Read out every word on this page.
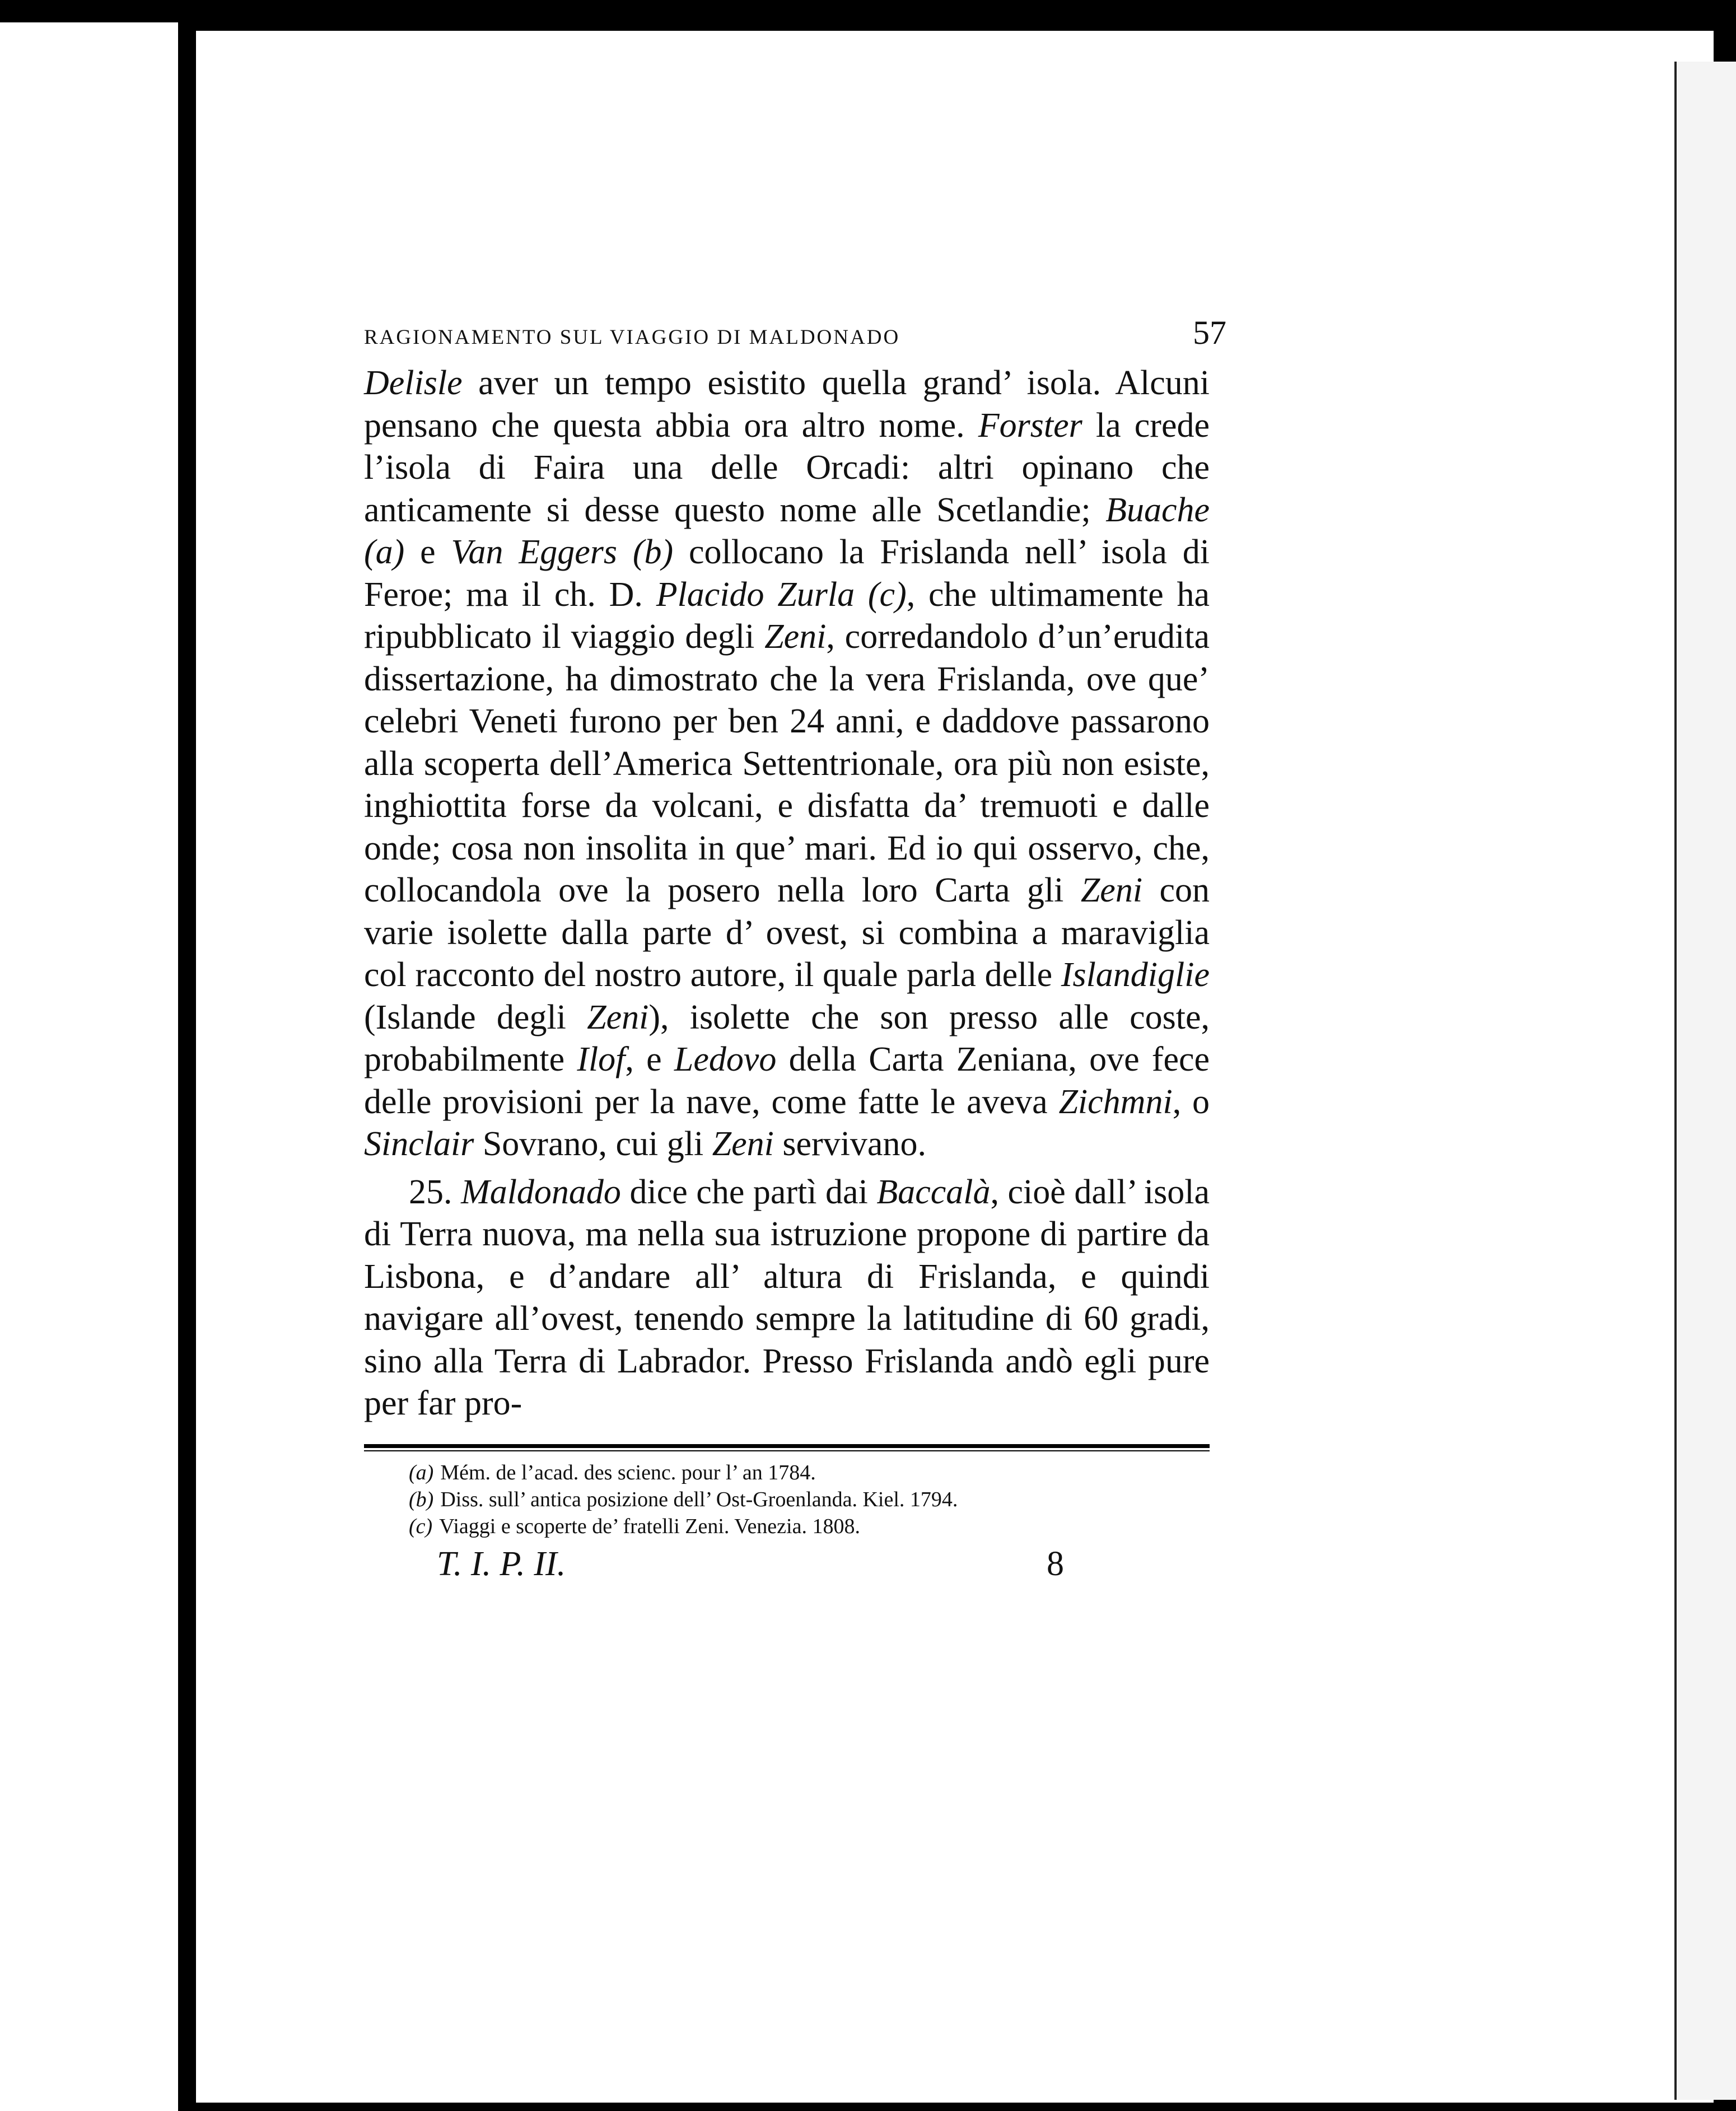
RAGIONAMENTO SUL VIAGGIO DI MALDONADO	57

Delisle aver un tempo esistito quella grand’ isola. Alcuni pensano che questa abbia ora altro nome. Forster la crede l’isola di Faira una delle Orcadi: altri opinano che anticamente si desse questo nome alle Scetlandie; Buache (a) e Van Eggers (b) collocano la Frislanda nell’ isola di Feroe; ma il ch. D. Placido Zurla (c), che ultimamente ha ripubblicato il viaggio degli Zeni, corredandolo d’un’erudita dissertazione, ha dimostrato che la vera Frislanda, ove que’ celebri Veneti furono per ben 24 anni, e daddove passarono alla scoperta dell’America Settentrionale, ora più non esiste, inghiottita forse da volcani, e disfatta da’ tremuoti e dalle onde; cosa non insolita in que’ mari. Ed io qui osservo, che, collocandola ove la posero nella loro Carta gli Zeni con varie isolette dalla parte d’ ovest, si combina a maraviglia col racconto del nostro autore, il quale parla delle Islandiglie (Islande degli Zeni), isolette che son presso alle coste, probabilmente Ilof, e Ledovo della Carta Zeniana, ove fece delle provisioni per la nave, come fatte le aveva Zichmni, o Sinclair Sovrano, cui gli Zeni servivano.

25. Maldonado dice che partì dai Baccalà, cioè dall’ isola di Terra nuova, ma nella sua istruzione propone di partire da Lisbona, e d’andare all’ altura di Frislanda, e quindi navigare all’ovest, tenendo sempre la latitudine di 60 gradi, sino alla Terra di Labrador. Presso Frislanda andò egli pure per far pro-

(a) Mém. de l’acad. des scienc. pour l’ an 1784.
(b) Diss. sull’ antica posizione dell’ Ost-Groenlanda. Kiel. 1794.
(c) Viaggi e scoperte de’ fratelli Zeni. Venezia. 1808.
T. I. P. II.	8
